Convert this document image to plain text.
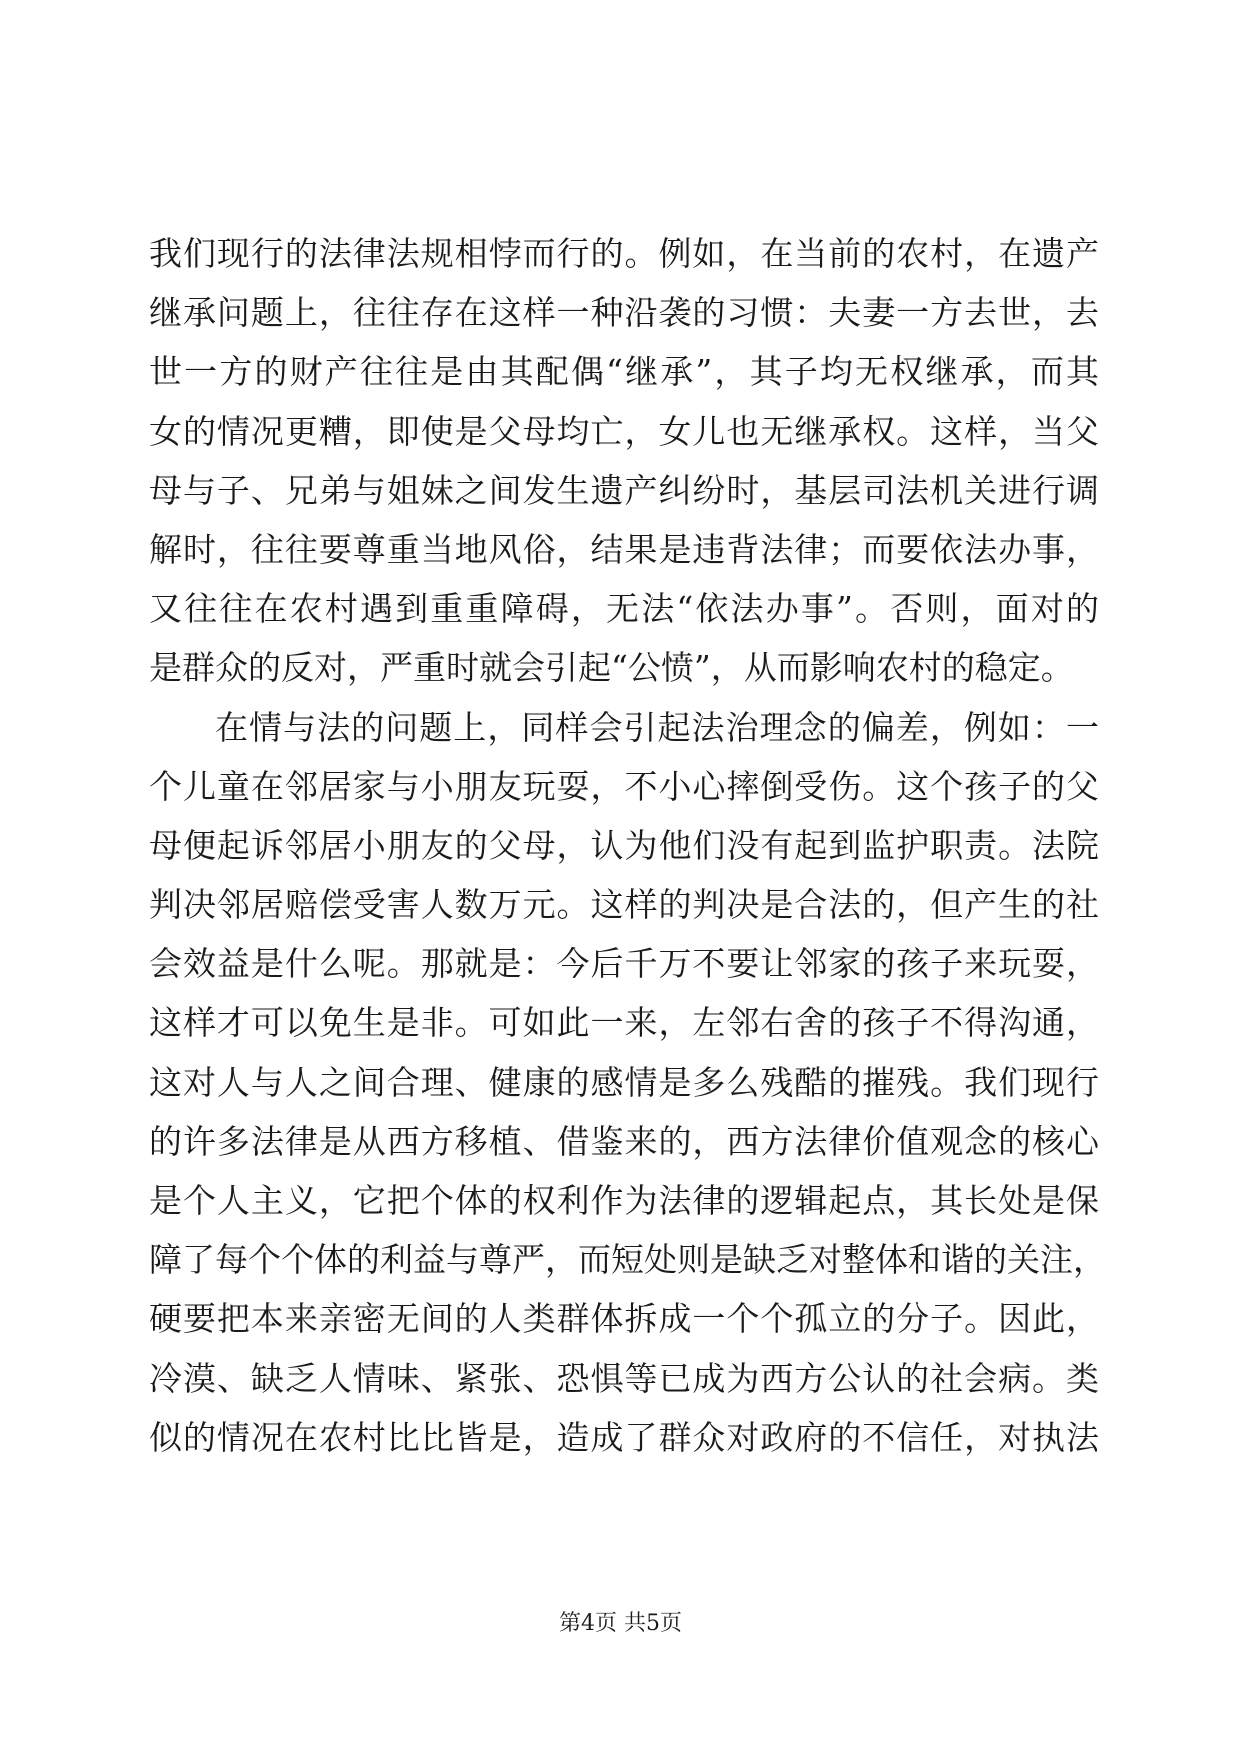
我们现行的法律法规相悖而行的。例如，在当前的农村，在遗产
继承问题上，往往存在这样一种沿袭的习惯：夫妻一方去世，去
世一方的财产往往是由其配偶“继承”，其子均无权继承，而其
女的情况更糟，即使是父母均亡，女儿也无继承权。这样，当父
母与子、兄弟与姐妹之间发生遗产纠纷时，基层司法机关进行调
解时，往往要尊重当地风俗，结果是违背法律；而要依法办事，
又往往在农村遇到重重障碍，无法“依法办事”。否则，面对的
是群众的反对，严重时就会引起“公愤”，从而影响农村的稳定。
在情与法的问题上，同样会引起法治理念的偏差，例如：一
个儿童在邻居家与小朋友玩耍，不小心摔倒受伤。这个孩子的父
母便起诉邻居小朋友的父母，认为他们没有起到监护职责。法院
判决邻居赔偿受害人数万元。这样的判决是合法的，但产生的社
会效益是什么呢。那就是：今后千万不要让邻家的孩子来玩耍，
这样才可以免生是非。可如此一来，左邻右舍的孩子不得沟通，
这对人与人之间合理、健康的感情是多么残酷的摧残。我们现行
的许多法律是从西方移植、借鉴来的，西方法律价值观念的核心
是个人主义，它把个体的权利作为法律的逻辑起点，其长处是保
障了每个个体的利益与尊严，而短处则是缺乏对整体和谐的关注，
硬要把本来亲密无间的人类群体拆成一个个孤立的分子。因此，
冷漠、缺乏人情味、紧张、恐惧等已成为西方公认的社会病。类
似的情况在农村比比皆是，造成了群众对政府的不信任，对执法
第4页 共5页
